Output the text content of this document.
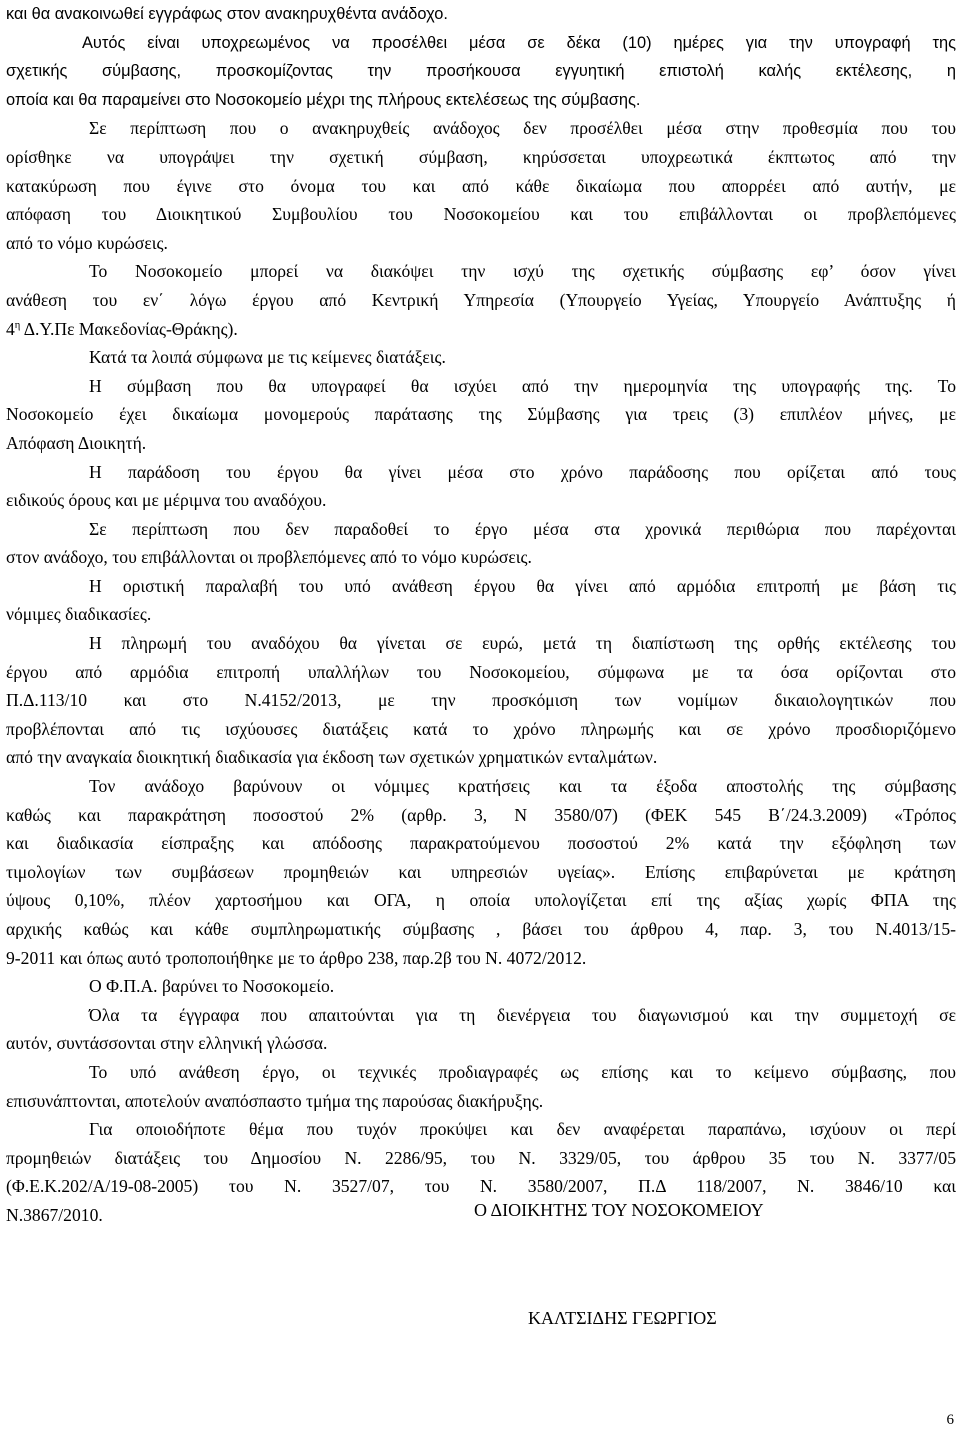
και θα ανακοινωθεί εγγράφως στον ανακηρυχθέντα ανάδοχο.
Αυτός είναι υποχρεωμένος να προσέλθει μέσα σε δέκα (10) ημέρες για την υπογραφή της
σχετικής σύμβασης, προσκομίζοντας την προσήκουσα εγγυητική επιστολή καλής εκτέλεσης, η
οποία και θα παραμείνει στο Νοσοκομείο μέχρι της πλήρους εκτελέσεως της σύμβασης.
Σε περίπτωση που ο ανακηρυχθείς ανάδοχος δεν προσέλθει μέσα στην προθεσμία που του
ορίσθηκε να υπογράψει την σχετική σύμβαση, κηρύσσεται υποχρεωτικά έκπτωτος από την
κατακύρωση που έγινε στο όνομα του και από κάθε δικαίωμα που απορρέει από αυτήν, με
απόφαση του Διοικητικού Συμβουλίου του Νοσοκομείου και του επιβάλλονται οι προβλεπόμενες
από το νόμο κυρώσεις.
Το Νοσοκομείο μπορεί να διακόψει την ισχύ της σχετικής σύμβασης εφ’ όσον γίνει
ανάθεση του εν΄ λόγω έργου από Κεντρική Υπηρεσία (Υπουργείο Υγείας, Υπουργείο Ανάπτυξης ή
$4^\eta$ Δ.Υ.Πε Μακεδονίας-Θράκης).
Κατά τα λοιπά σύμφωνα με τις κείμενες διατάξεις.
Η σύμβαση που θα υπογραφεί θα ισχύει από την ημερομηνία της υπογραφής της. Το
Νοσοκομείο έχει δικαίωμα μονομερούς παράτασης της Σύμβασης για τρεις (3) επιπλέον μήνες, με
Απόφαση Διοικητή.
Η παράδοση του έργου θα γίνει μέσα στο χρόνο παράδοσης που ορίζεται από τους
ειδικούς όρους και με μέριμνα του αναδόχου.
Σε περίπτωση που δεν παραδοθεί το έργο μέσα στα χρονικά περιθώρια που παρέχονται
στον ανάδοχο, του επιβάλλονται οι προβλεπόμενες από το νόμο κυρώσεις.
Η οριστική παραλαβή του υπό ανάθεση έργου θα γίνει από αρμόδια επιτροπή με βάση τις
νόμιμες διαδικασίες.
Η πληρωμή του αναδόχου θα γίνεται σε ευρώ, μετά τη διαπίστωση της ορθής εκτέλεσης του
έργου από αρμόδια επιτροπή υπαλλήλων του Νοσοκομείου, σύμφωνα με τα όσα ορίζονται στο
Π.Δ.113/10 και στο Ν.4152/2013, με την προσκόμιση των νομίμων δικαιολογητικών που
προβλέπονται από τις ισχύουσες διατάξεις κατά το χρόνο πληρωμής και σε χρόνο προσδιοριζόμενο
από την αναγκαία διοικητική διαδικασία για έκδοση των σχετικών χρηματικών ενταλμάτων.
Τον ανάδοχο βαρύνουν οι νόμιμες κρατήσεις και τα έξοδα αποστολής της σύμβασης
καθώς και παρακράτηση ποσοστού 2% (αρθρ. 3, Ν 3580/07) (ΦΕΚ 545 Β΄/24.3.2009) «Τρόπος
και διαδικασία είσπραξης και απόδοσης παρακρατούμενου ποσοστού 2% κατά την εξόφληση των
τιμολογίων των συμβάσεων προμηθειών και υπηρεσιών υγείας». Επίσης επιβαρύνεται με κράτηση
ύψους 0,10%, πλέον χαρτοσήμου και ΟΓΑ, η οποία υπολογίζεται επί της αξίας χωρίς ΦΠΑ της
αρχικής καθώς και κάθε συμπληρωματικής σύμβασης , βάσει του άρθρου 4, παρ. 3, του Ν.4013/15-
9-2011 και όπως αυτό τροποποιήθηκε με το άρθρο 238, παρ.2β του Ν. 4072/2012.
Ο Φ.Π.Α. βαρύνει το Νοσοκομείο.
Όλα τα έγγραφα που απαιτούνται για τη διενέργεια του διαγωνισμού και την συμμετοχή σε
αυτόν, συντάσσονται στην ελληνική γλώσσα.
Το υπό ανάθεση έργο, οι τεχνικές προδιαγραφές ως επίσης και το κείμενο σύμβασης, που
επισυνάπτονται, αποτελούν αναπόσπαστο τμήμα της παρούσας διακήρυξης.
Για οποιοδήποτε θέμα που τυχόν προκύψει και δεν αναφέρεται παραπάνω, ισχύουν οι περί
προμηθειών διατάξεις του Δημοσίου Ν. 2286/95, του Ν. 3329/05, του άρθρου 35 του Ν. 3377/05
(Φ.Ε.Κ.202/Α/19-08-2005) του Ν. 3527/07, του Ν. 3580/2007, Π.Δ 118/2007, Ν. 3846/10 και
Ν.3867/2010.	Ο ΔΙΟΙΚΗΤΗΣ ΤΟΥ ΝΟΣΟΚΟΜΕΙΟΥ
ΚΑΛΤΣΙΔΗΣ ΓΕΩΡΓΙΟΣ
6
